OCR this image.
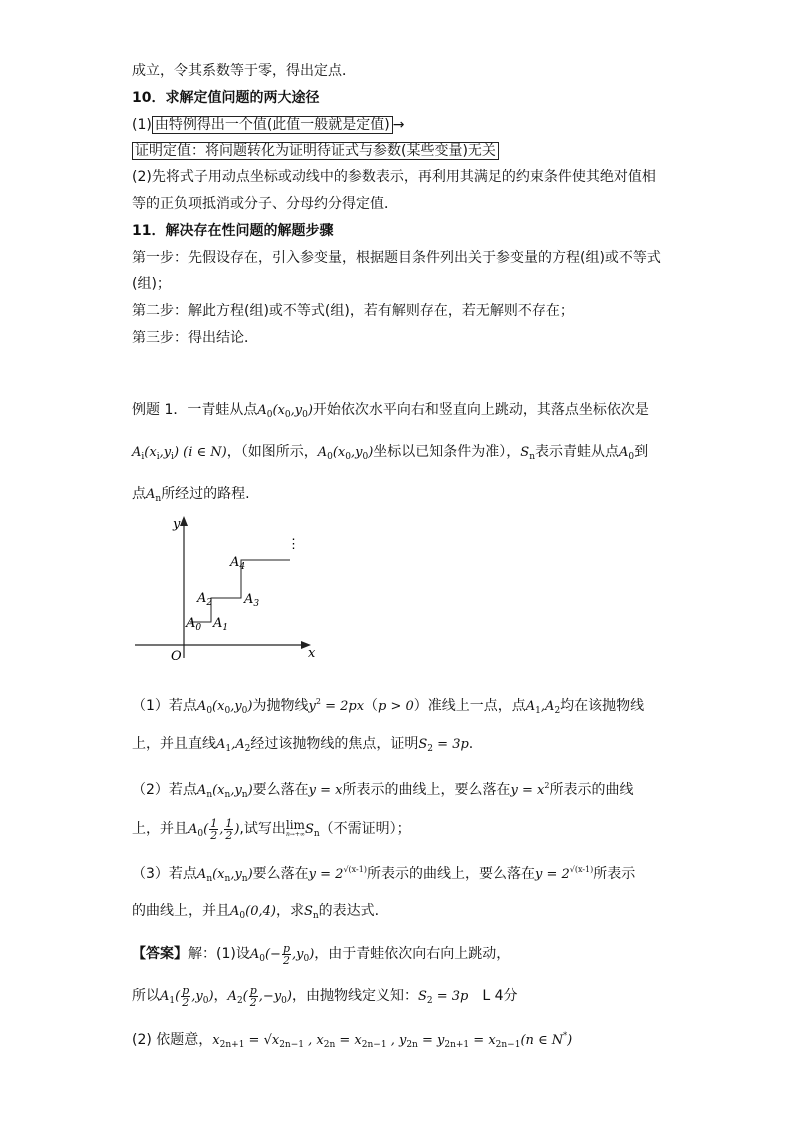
成立，令其系数等于零，得出定点．
10．求解定值问题的两大途径
(1) 由特例得出一个值(此值一般就是定值) →
证明定值：将问题转化为证明待证式与参数(某些变量)无关
(2)先将式子用动点坐标或动线中的参数表示，再利用其满足的约束条件使其绝对值相
等的正负项抵消或分子、分母约分得定值．
11．解决存在性问题的解题步骤
第一步：先假设存在，引入参变量，根据题目条件列出关于参变量的方程(组)或不等式
(组)；
第二步：解此方程(组)或不等式(组)，若有解则存在，若无解则不存在；
第三步：得出结论．
例题 1．一青蛙从点$A_0(x_0,y_0)$开始依次水平向右和竖直向上跳动，其落点坐标依次是
$A_i(x_i,y_i)$ (i ∈ N)，（如图所示，$A_0(x_0,y_0)$坐标以已知条件为准），$S_n$表示青蛙从点$A_0$到
点$A_n$所经过的路程.
y
x
O
⋮
$A_0$ $A_1$
$A_2$ $A_3$
$A_4$
（1）若点$A_0(x_0,y_0)$为抛物线$y^2 = 2px(p > 0)$准线上一点，点$A_1,A_2$均在该抛物线
上，并且直线$A_1,A_2$经过该抛物线的焦点，证明$S_2 = 3p$.
（2）若点$A_n(x_n,y_n)$要么落在y = x所表示的曲线上，要么落在$y = x^2$所表示的曲线
上，并且$A_0( \frac{1}{2}$ , $\frac{1}{2}$ ),试写出 lim
n→+∞ $S_n$（不需证明）；
（3）若点$A_n(x_n,y_n)$要么落在$y = 2^{√(x-1)}$所表示的曲线上，要么落在$y = 2^{√(x-1)}$所表示
的曲线上，并且$A_0(0,4)$，求$S_n$的表达式.
【答案】解：(1)设$A_0(- \frac{p}{2} ,y_0)$，由于青蛙依次向右向上跳动，
所以$A_1( \frac{p}{2} ,y_0)$，$A_2( \frac{p}{2} ,-y_0)$，由抛物线定义知：$S_2 = 3p$ L 4分
(2) 依题意，$x_{2n+1} = √x_{2n-1}$ , $x_{2n} = x_{2n-1}$ , $y_{2n} = y_{2n+1} = x_{2n-1}(n$ ∈ N*)
